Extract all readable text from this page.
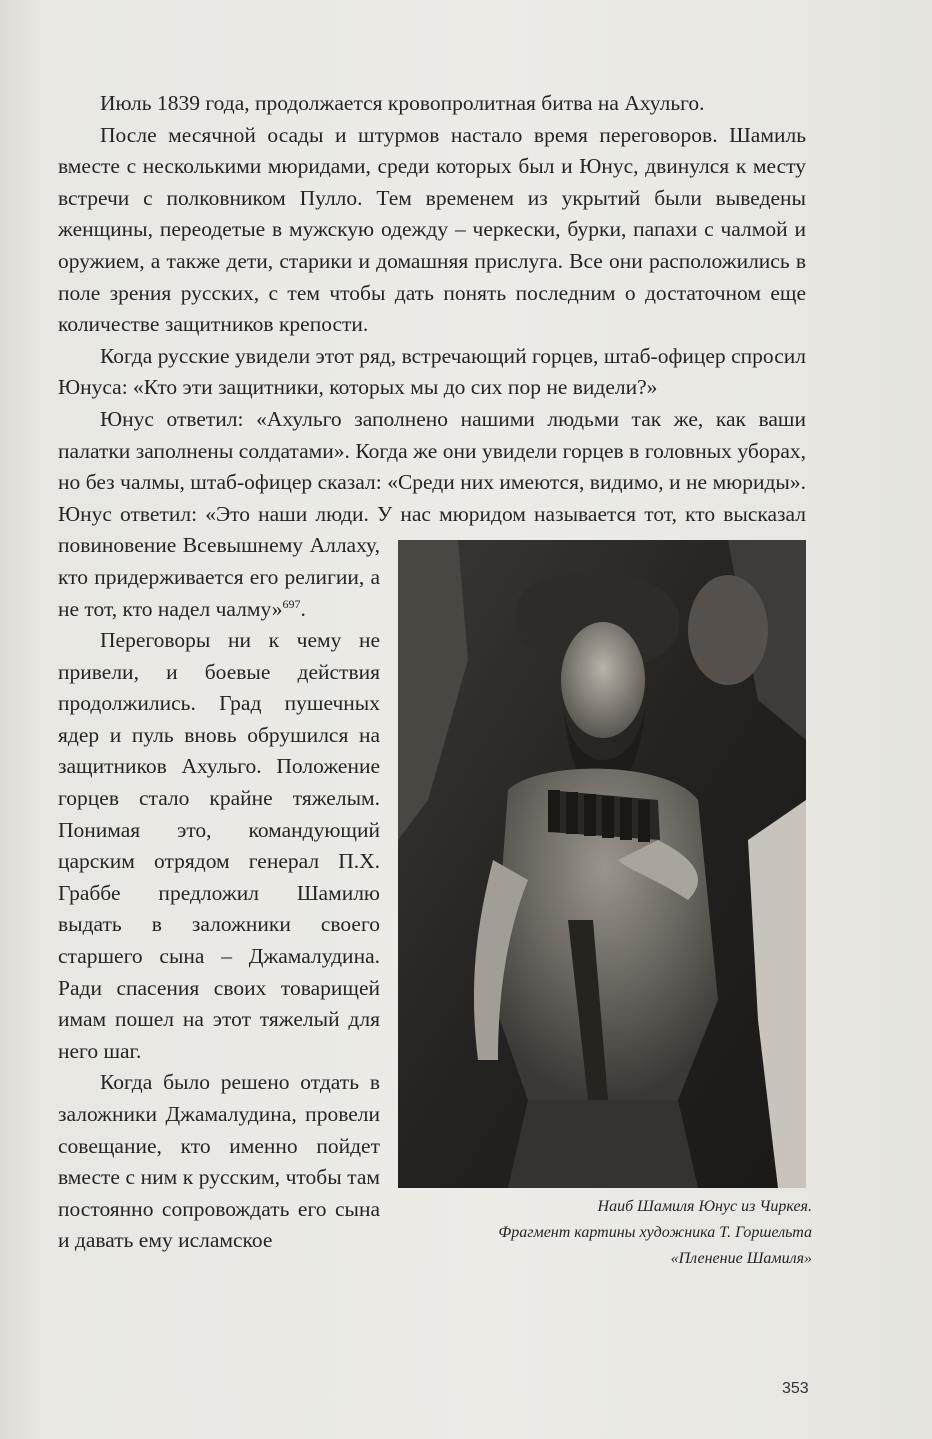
Июль 1839 года, продолжается кровопролитная битва на Ахульго.

После месячной осады и штурмов настало время переговоров. Шамиль вместе с несколькими мюридами, среди которых был и Юнус, двинулся к месту встречи с полковником Пулло. Тем временем из укрытий были выведены женщины, переодетые в мужскую одежду – черкески, бурки, папахи с чалмой и оружием, а также дети, старики и домашняя прислуга. Все они расположились в поле зрения русских, с тем чтобы дать понять последним о достаточном еще количестве защитников крепости.

Когда русские увидели этот ряд, встречающий горцев, штаб-офицер спросил Юнуса: «Кто эти защитники, которых мы до сих пор не видели?»

Юнус ответил: «Ахульго заполнено нашими людьми так же, как ваши палатки заполнены солдатами». Когда же они увидели горцев в головных уборах, но без чалмы, штаб-офицер сказал: «Среди них имеются, видимо, и не мюриды». Юнус ответил: «Это наши люди. У нас мюридом называется тот, кто высказал повиновение Всевышнему
Наиб Шамиля Юнус из Чиркея.
Фрагмент картины художника Т. Горшельта
«Пленение Шамиля»
Аллаху, кто придерживается его религии, а не тот, кто надел чалму»$^{697}$.

Переговоры ни к чему не привели, и боевые действия продолжились. Град пушечных ядер и пуль вновь обрушился на защитников Ахульго. Положение горцев стало крайне тяжелым. Понимая это, командующий царским отрядом генерал П.Х. Граббе предложил Шамилю выдать в заложники своего старшего сына – Джамалудина. Ради спасения своих товарищей имам пошел на этот тяжелый для него шаг.

Когда было решено отдать в заложники Джамалудина, провели совещание, кто именно пойдет вместе с ним к русским, чтобы там постоянно сопровождать его сына и давать ему исламское

353
